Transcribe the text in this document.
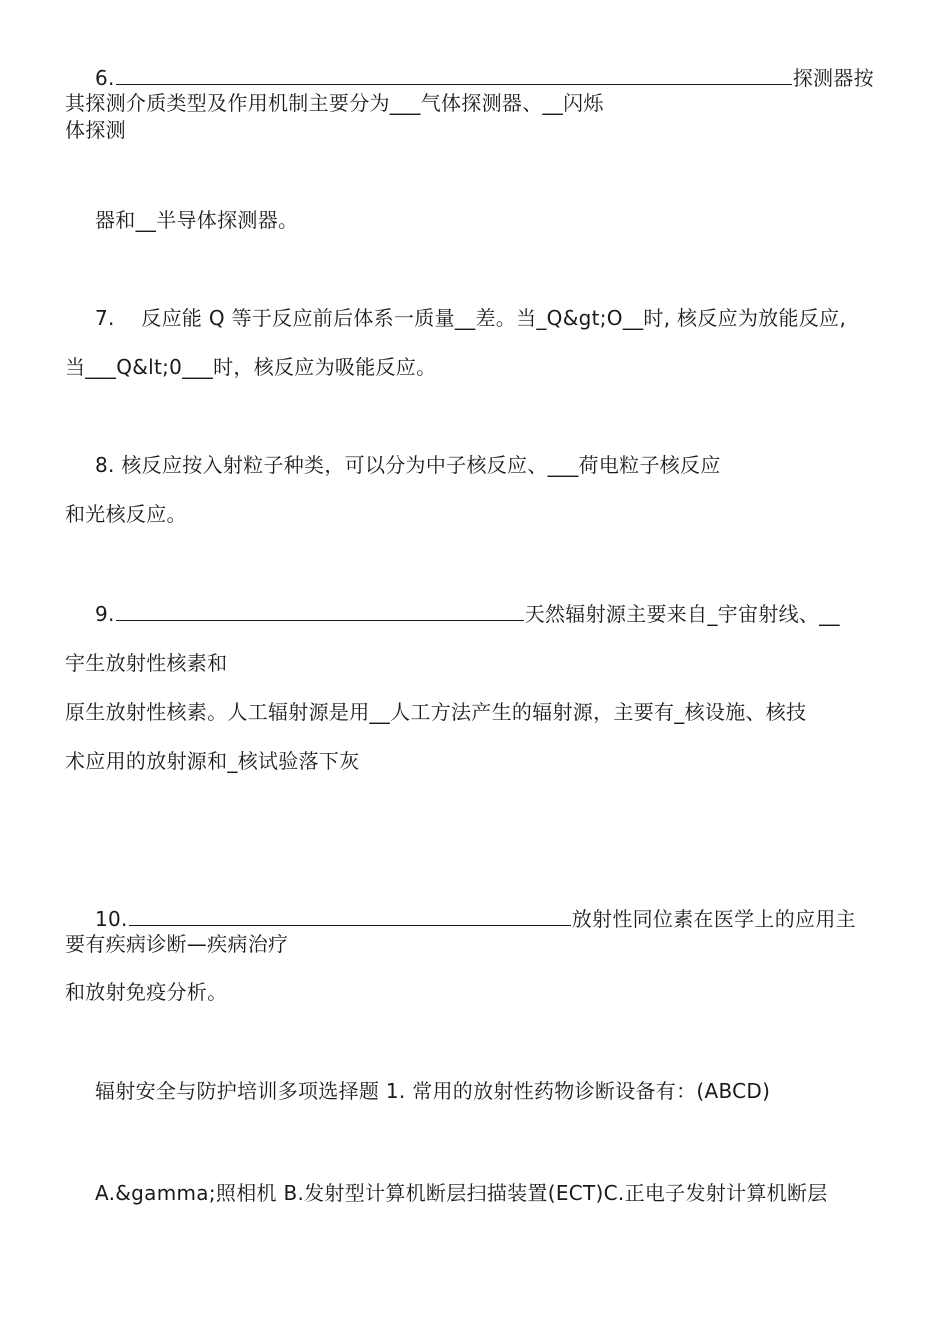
6.	探测器按
其探测介质类型及作用机制主要分为___气体探测器、__闪烁
体探测
器和__半导体探测器。
7.    反应能 Q 等于反应前后体系一质量__差。当_Q&gt;O__时, 核反应为放能反应,
当___Q&lt;0___时，核反应为吸能反应。
8. 核反应按入射粒子种类，可以分为中子核反应、___荷电粒子核反应
和光核反应。
9.	天然辐射源主要来自_宇宙射线、__
宇生放射性核素和
原生放射性核素。人工辐射源是用__人工方法产生的辐射源，主要有_核设施、核技
术应用的放射源和_核试验落下灰
10.	放射性同位素在医学上的应用主
要有疾病诊断—疾病治疗
和放射免疫分析。
辐射安全与防护培训多项选择题 1. 常用的放射性药物诊断设备有：(ABCD)
A.&gamma;照相机 B.发射型计算机断层扫描装置(ECT)C.正电子发射计算机断层
